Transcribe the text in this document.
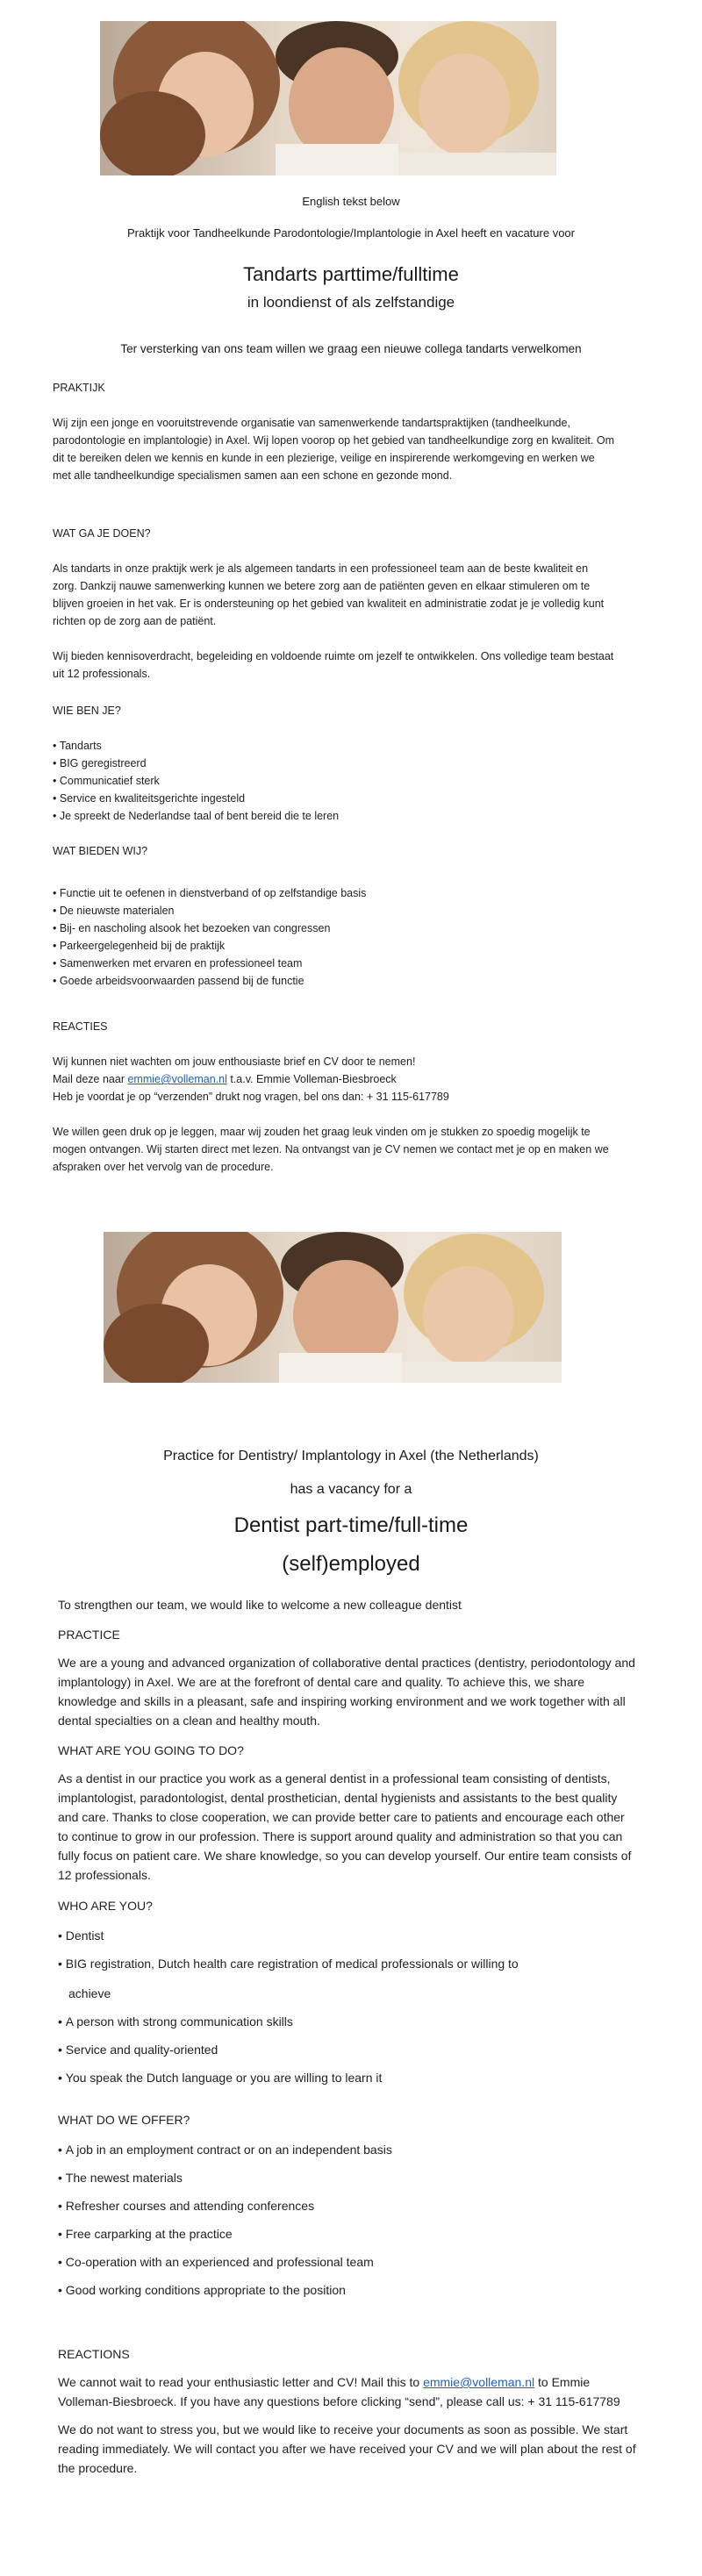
English tekst below
Praktijk voor Tandheelkunde Parodontologie/Implantologie in Axel heeft en vacature voor
Tandarts parttime/fulltime
in loondienst of als zelfstandige
Ter versterking van ons team willen we graag een nieuwe collega tandarts verwelkomen

PRAKTIJK

Wij zijn een jonge en vooruitstrevende organisatie van samenwerkende tandartspraktijken (tandheelkunde, parodontologie en implantologie) in Axel. Wij lopen voorop op het gebied van tandheelkundige zorg en kwaliteit. Om dit te bereiken delen we kennis en kunde in een plezierige, veilige en inspirerende werkomgeving en werken we met alle tandheelkundige specialismen samen aan een schone en gezonde mond.

WAT GA JE DOEN?

Als tandarts in onze praktijk werk je als algemeen tandarts in een professioneel team aan de beste kwaliteit en zorg. Dankzij nauwe samenwerking kunnen we betere zorg aan de patiënten geven en elkaar stimuleren om te blijven groeien in het vak. Er is ondersteuning op het gebied van kwaliteit en administratie zodat je je volledig kunt richten op de zorg aan de patiënt.

Wij bieden kennisoverdracht, begeleiding en voldoende ruimte om jezelf te ontwikkelen. Ons volledige team bestaat uit 12 professionals.

WIE BEN JE?

• Tandarts
• BIG geregistreerd
• Communicatief sterk
• Service en kwaliteitsgerichte ingesteld
• Je spreekt de Nederlandse taal of bent bereid die te leren

WAT BIEDEN WIJ?

• Functie uit te oefenen in dienstverband of op zelfstandige basis
• De nieuwste materialen
• Bij- en nascholing alsook het bezoeken van congressen
• Parkeergelegenheid bij de praktijk
• Samenwerken met ervaren en professioneel team
• Goede arbeidsvoorwaarden passend bij de functie

REACTIES

Wij kunnen niet wachten om jouw enthousiaste brief en CV door te nemen!

Mail deze naar emmie@volleman.nl t.a.v. Emmie Volleman-Biesbroeck

Heb je voordat je op “verzenden” drukt nog vragen, bel ons dan: + 31 115-617789

We willen geen druk op je leggen, maar wij zouden het graag leuk vinden om je stukken zo spoedig mogelijk te mogen ontvangen. Wij starten direct met lezen. Na ontvangst van je CV nemen we contact met je op en maken we afspraken over het vervolg van de procedure.

Practice for Dentistry/ Implantology in Axel (the Netherlands)
has a vacancy for a
Dentist part-time/full-time
(self)employed
To strengthen our team, we would like to welcome a new colleague dentist

PRACTICE

We are a young and advanced organization of collaborative dental practices (dentistry, periodontology and implantology) in Axel. We are at the forefront of dental care and quality. To achieve this, we share knowledge and skills in a pleasant, safe and inspiring working environment and we work together with all dental specialties on a clean and healthy mouth.

WHAT ARE YOU GOING TO DO?

As a dentist in our practice you work as a general dentist in a professional team consisting of dentists, implantologist, paradontologist, dental prosthetician, dental hygienists and assistants to the best quality and care. Thanks to close cooperation, we can provide better care to patients and encourage each other to continue to grow in our profession. There is support around quality and administration so that you can fully focus on patient care. We share knowledge, so you can develop yourself. Our entire team consists of 12 professionals.

WHO ARE YOU?

• Dentist
• BIG registration, Dutch health care registration of medical professionals or willing to

achieve

• A person with strong communication skills
• Service and quality-oriented
• You speak the Dutch language or you are willing to learn it

WHAT DO WE OFFER?

• A job in an employment contract or on an independent basis
• The newest materials
• Refresher courses and attending conferences
• Free carparking at the practice
• Co-operation with an experienced and professional team
• Good working conditions appropriate to the position

REACTIONS

We cannot wait to read your enthusiastic letter and CV! Mail this to emmie@volleman.nl to Emmie Volleman-Biesbroeck. If you have any questions before clicking “send”, please call us: + 31 115-617789

We do not want to stress you, but we would like to receive your documents as soon as possible. We start reading immediately. We will contact you after we have received your CV and we will plan about the rest of the procedure.
